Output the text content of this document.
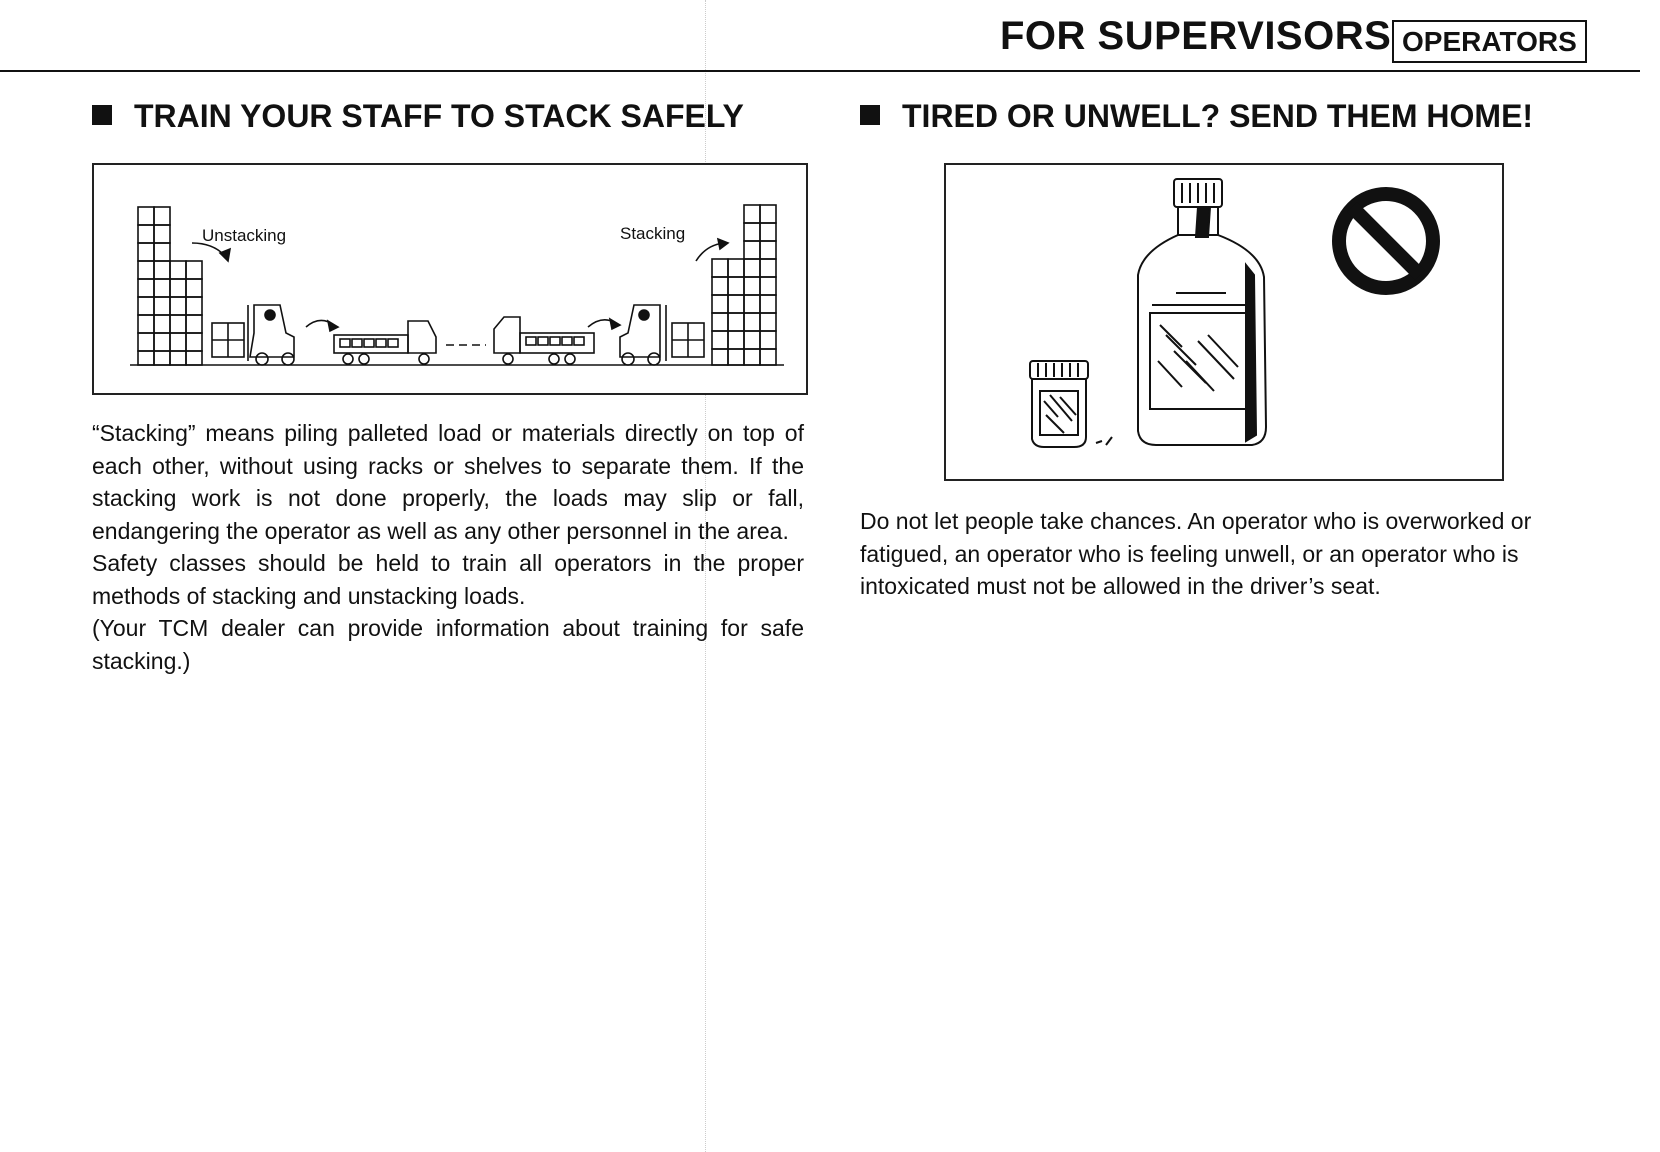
FOR SUPERVISORS OPERATORS
TRAIN YOUR STAFF TO STACK SAFELY
Unstacking	Stacking

“Stacking” means piling palleted load or materials directly on top of each other, without using racks or shelves to separate them. If the stacking work is not done properly, the loads may slip or fall, endangering the operator as well as any other personnel in the area.

Safety classes should be held to train all operators in the proper methods of stacking and unstacking loads.

(Your TCM dealer can provide information about training for safe stacking.)

TIRED OR UNWELL? SEND THEM HOME!

Do not let people take chances. An operator who is overworked or fatigued, an operator who is feeling unwell, or an operator who is intoxicated must not be allowed in the driver’s seat.
